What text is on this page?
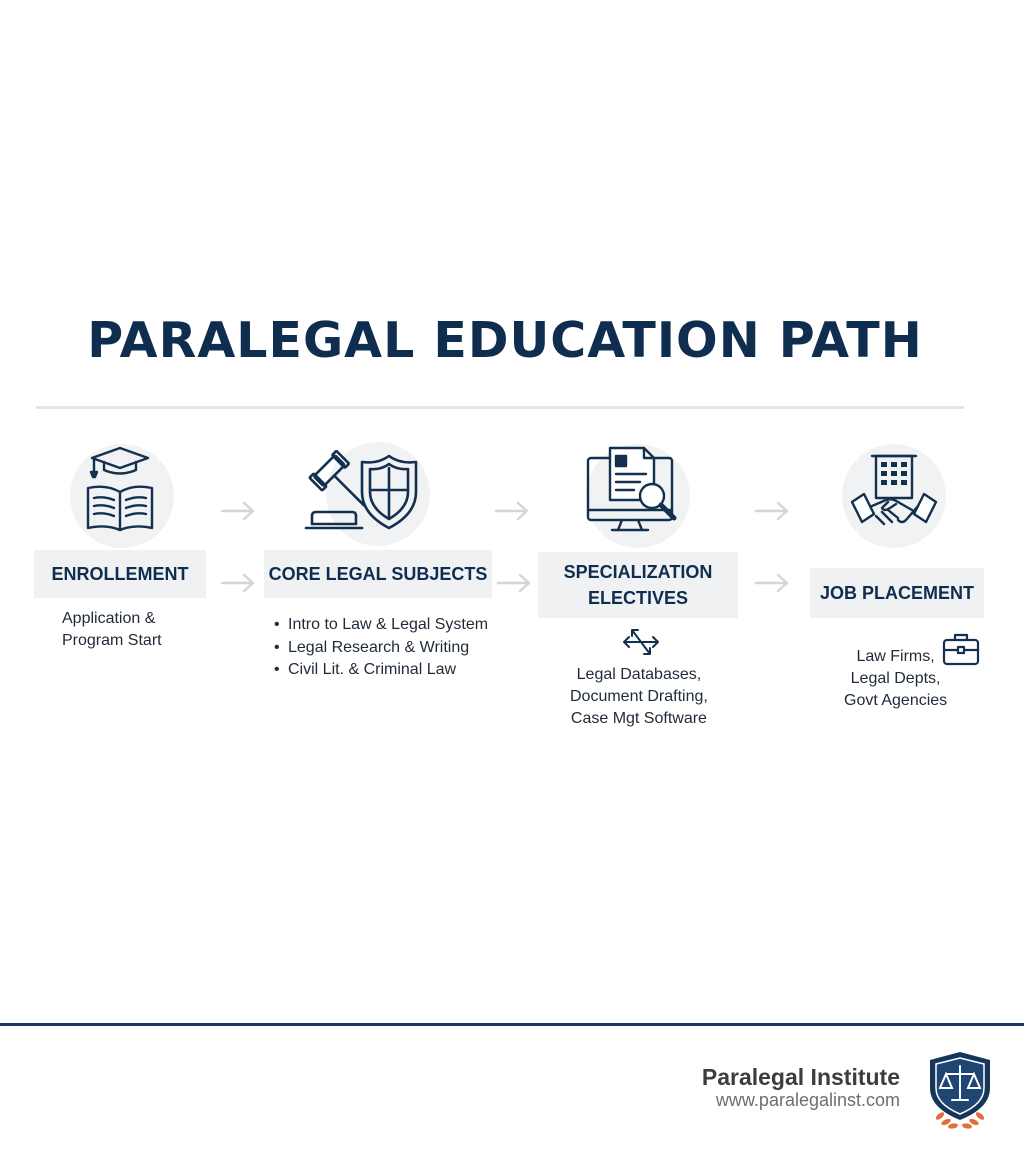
PARALEGAL EDUCATION PATH
ENROLLEMENT
Application &
Program Start
CORE LEGAL SUBJECTS
• Intro to Law & Legal System
• Legal Research & Writing
• Civil Lit. & Criminal Law
SPECIALIZATION
ELECTIVES
Legal Databases,
Document Drafting,
Case Mgt Software
JOB PLACEMENT
Law Firms,
Legal Depts,
Govt Agencies
Paralegal Institute
www.paralegalinst.com
